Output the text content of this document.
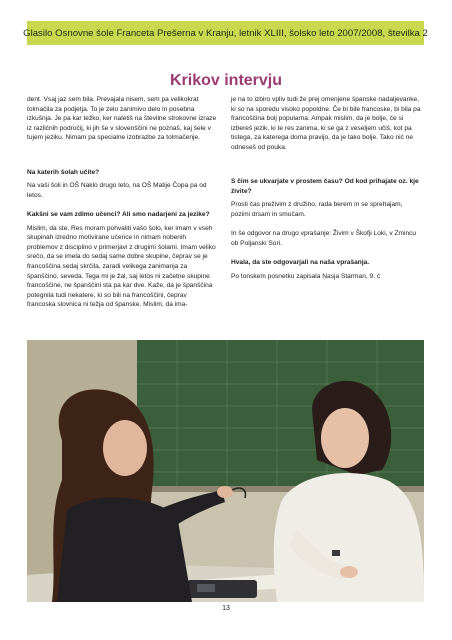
Glasilo Osnovne šole Franceta Prešerna v Kranju, letnik XLIII, šolsko leto 2007/2008, številka 2
Krikov intervju

dent. Vsaj jaz sem bila. Prevajala nisem, sem pa velikokrat tolmačila za podjetja. To je zelo zanimivo delo in posebna izkušnja. Je pa kar težko, ker naletiš na številne strokovne izraze iz različnih področij, ki jih še v slovenščini ne poznaš, kaj šele v tujem jeziku. Nimam pa specialne izobrazbe za tolmačenje.

Na katerih šolah učite?

Na vaši šoli in OŠ Naklo drugo leto, na OŠ Matije Čopa pa od letos.

Kakšni se vam zdimo učenci? Ali smo nadarjeni za jezike?

Mislim, da ste. Res moram pohvaliti vašo šolo, ker imam v vseh skupinah izredno motivirane učence in nimam nobenih problemov z disciplino v primerjavi z drugimi šolami. Imam veliko srečo, da se imela do sedaj same dobre skupine, čeprav se je francoščina sedaj skrčila, zaradi velikega zanimanja za španščino, seveda. Tega mi je žal, saj letos ni začetne skupine francoščine, ne španščini sta pa kar dve. Kaže, da je španščina potegnila tudi nekatere, ki so bili na francoščini, čeprav francoska slovnica ni težja od španske. Mislim, da ima-

je na to izbiro vpliv tudi že prej omenjene španske nadaljevanke, ki so na sporedu visoko popoldne. Če bi bile francoske, bi bila pa francoščina bolj popularna. Ampak mislim, da je bolje, če si izbereš jezik, ki te res zanima, ki se ga z veseljem učiš, kot pa tistega, za katerega doma pravijo, da je tako bolje. Tako nič ne odneseš od pouka.

S čim se ukvarjate v prostem času? Od kod prihajate oz. kje živite?

Prosti čas preživim z družino, rada berem in se sprehajam, pozimi drsam in smučam.

In še odgovor na drugo vprašanje: Živim v Škofji Loki, v Zmincu ob Poljanski Sori.

Hvala, da ste odgovarjali na naša vprašanja.

Po tonskem posnetku zapisala Nasja Starman, 9. č

13
